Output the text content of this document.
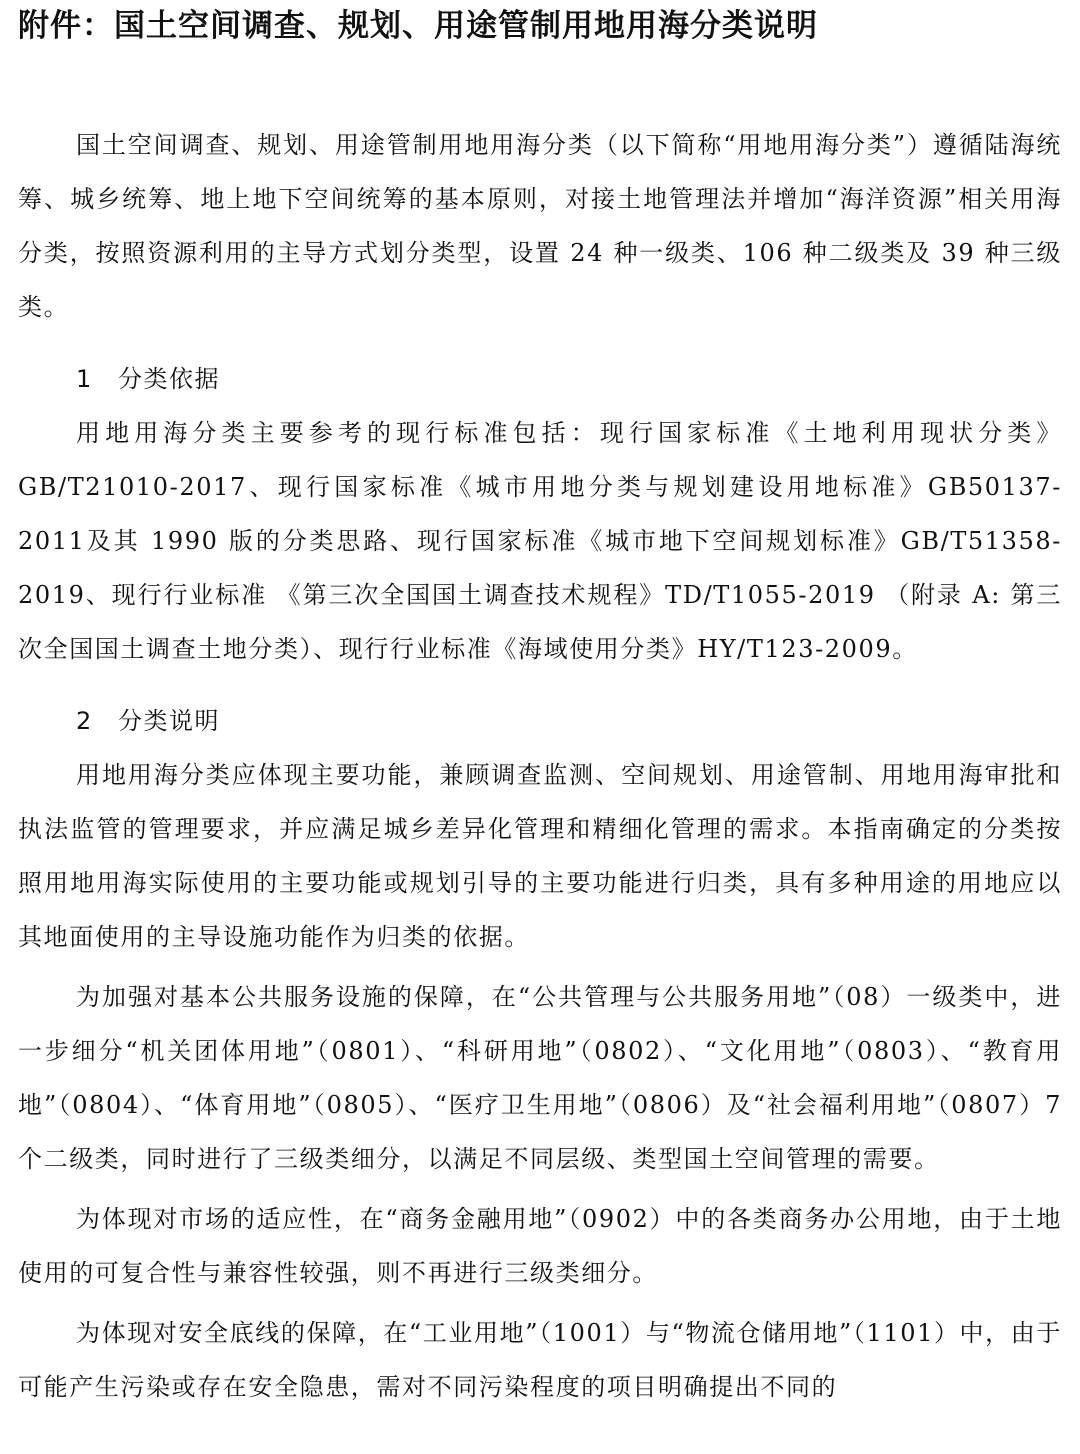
附件：国土空间调查、规划、用途管制用地用海分类说明

国土空间调查、规划、用途管制用地用海分类（以下简称“用地用海分类”）遵循陆海统筹、城乡统筹、地上地下空间统筹的基本原则，对接土地管理法并增加“海洋资源”相关用海分类，按照资源利用的主导方式划分类型，设置 24 种一级类、106 种二级类及 39 种三级类。

1 分类依据

用地用海分类主要参考的现行标准包括：现行国家标准《土地利用现状分类》GB/T21010-2017、现行国家标准《城市用地分类与规划建设用地标准》GB50137-2011及其 1990 版的分类思路、现行国家标准《城市地下空间规划标准》GB/T51358-2019、现行行业标准 《第三次全国国土调查技术规程》TD/T1055-2019 （附录 A: 第三次全国国土调查土地分类）、现行行业标准《海域使用分类》HY/T123-2009。

2 分类说明

用地用海分类应体现主要功能，兼顾调查监测、空间规划、用途管制、用地用海审批和执法监管的管理要求，并应满足城乡差异化管理和精细化管理的需求。本指南确定的分类按照用地用海实际使用的主要功能或规划引导的主要功能进行归类，具有多种用途的用地应以其地面使用的主导设施功能作为归类的依据。

为加强对基本公共服务设施的保障，在“公共管理与公共服务用地”（08）一级类中，进一步细分“机关团体用地”（0801）、“科研用地”（0802）、“文化用地”（0803）、“教育用地”（0804）、“体育用地”（0805）、“医疗卫生用地”（0806）及“社会福利用地”（0807）7 个二级类，同时进行了三级类细分，以满足不同层级、类型国土空间管理的需要。

为体现对市场的适应性，在“商务金融用地”（0902）中的各类商务办公用地，由于土地使用的可复合性与兼容性较强，则不再进行三级类细分。

为体现对安全底线的保障，在“工业用地”（1001）与“物流仓储用地”（1101）中，由于可能产生污染或存在安全隐患，需对不同污染程度的项目明确提出不同的
